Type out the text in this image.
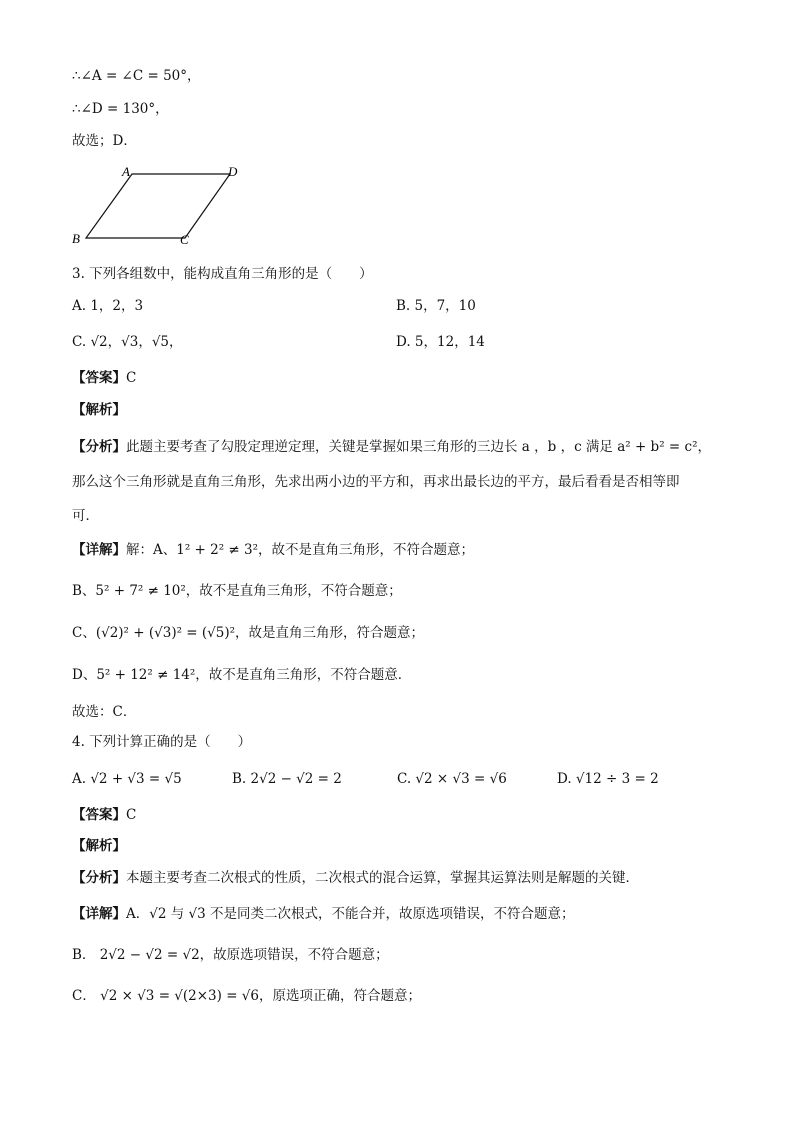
∴∠A = ∠C = 50°，
∴∠D = 130°，
故选；D．
A	D
B	C
3. 下列各组数中，能构成直角三角形的是（　　）
A. 1，2，3	B. 5，7，10
C. √2，√3，√5，	D. 5，12，14
【答案】C
【解析】
【分析】此题主要考查了勾股定理逆定理，关键是掌握如果三角形的三边长 a ，b ，c 满足 a² + b² = c²，
那么这个三角形就是直角三角形，先求出两小边的平方和，再求出最长边的平方，最后看看是否相等即
可．
【详解】解：A、1² + 2² ≠ 3²，故不是直角三角形，不符合题意；
B、5² + 7² ≠ 10²，故不是直角三角形，不符合题意；
C、(√2)² + (√3)² = (√5)²，故是直角三角形，符合题意；
D、5² + 12² ≠ 14²，故不是直角三角形，不符合题意．
故选：C．
4. 下列计算正确的是（　　）
A. √2 + √3 = √5	B. 2√2 − √2 = 2	C. √2 × √3 = √6	D. √12 ÷ 3 = 2
【答案】C
【解析】
【分析】本题主要考查二次根式的性质，二次根式的混合运算，掌握其运算法则是解题的关键．
【详解】A．√2 与 √3 不是同类二次根式，不能合并，故原选项错误，不符合题意；
B． 2√2 − √2 = √2，故原选项错误，不符合题意；
C． √2 × √3 = √(2×3) = √6，原选项正确，符合题意；
